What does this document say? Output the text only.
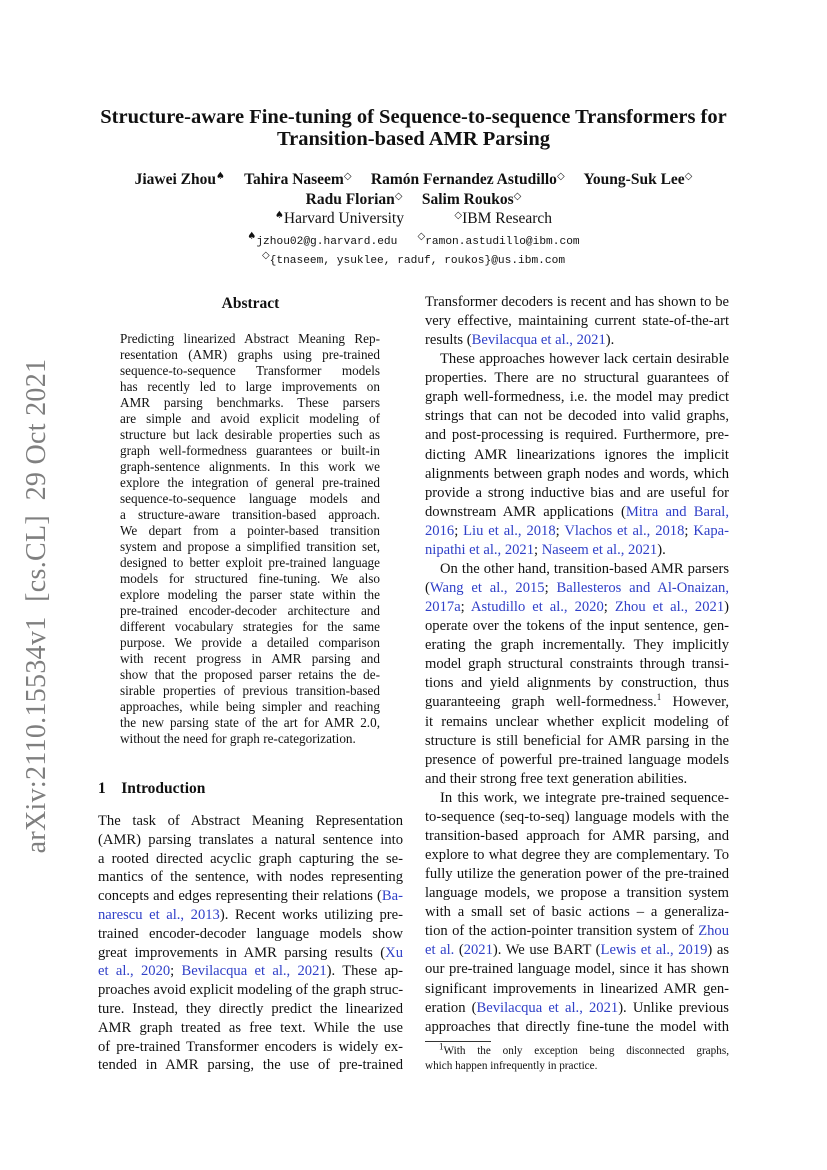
arXiv:2110.15534v1  [cs.CL]  29 Oct 2021
Structure-aware Fine-tuning of Sequence-to-sequence Transformers for
Transition-based AMR Parsing
Jiawei Zhou♠ Tahira Naseem◇ Ramón Fernandez Astudillo◇ Young-Suk Lee◇
Radu Florian◇ Salim Roukos◇
♠Harvard University	◇IBM Research
♠jzhou02@g.harvard.edu ◇ramon.astudillo@ibm.com
◇{tnaseem, ysuklee, raduf, roukos}@us.ibm.com
Abstract
Predicting linearized Abstract Meaning Rep-
resentation (AMR) graphs using pre-trained
sequence-to-sequence Transformer models
has recently led to large improvements on
AMR parsing benchmarks. These parsers
are simple and avoid explicit modeling of
structure but lack desirable properties such as
graph well-formedness guarantees or built-in
graph-sentence alignments. In this work we
explore the integration of general pre-trained
sequence-to-sequence language models and
a structure-aware transition-based approach.
We depart from a pointer-based transition
system and propose a simplified transition set,
designed to better exploit pre-trained language
models for structured fine-tuning. We also
explore modeling the parser state within the
pre-trained encoder-decoder architecture and
different vocabulary strategies for the same
purpose. We provide a detailed comparison
with recent progress in AMR parsing and
show that the proposed parser retains the de-
sirable properties of previous transition-based
approaches, while being simpler and reaching
the new parsing state of the art for AMR 2.0,
without the need for graph re-categorization.
1 Introduction
The task of Abstract Meaning Representation
(AMR) parsing translates a natural sentence into
a rooted directed acyclic graph capturing the se-
mantics of the sentence, with nodes representing
concepts and edges representing their relations (Ba-
narescu et al., 2013). Recent works utilizing pre-
trained encoder-decoder language models show
great improvements in AMR parsing results (Xu
et al., 2020; Bevilacqua et al., 2021). These ap-
proaches avoid explicit modeling of the graph struc-
ture. Instead, they directly predict the linearized
AMR graph treated as free text. While the use
of pre-trained Transformer encoders is widely ex-
tended in AMR parsing, the use of pre-trained
Transformer decoders is recent and has shown to be
very effective, maintaining current state-of-the-art
results (Bevilacqua et al., 2021).
These approaches however lack certain desirable
properties. There are no structural guarantees of
graph well-formedness, i.e. the model may predict
strings that can not be decoded into valid graphs,
and post-processing is required. Furthermore, pre-
dicting AMR linearizations ignores the implicit
alignments between graph nodes and words, which
provide a strong inductive bias and are useful for
downstream AMR applications (Mitra and Baral,
2016; Liu et al., 2018; Vlachos et al., 2018; Kapa-
nipathi et al., 2021; Naseem et al., 2021).
On the other hand, transition-based AMR parsers
(Wang et al., 2015; Ballesteros and Al-Onaizan,
2017a; Astudillo et al., 2020; Zhou et al., 2021)
operate over the tokens of the input sentence, gen-
erating the graph incrementally. They implicitly
model graph structural constraints through transi-
tions and yield alignments by construction, thus
guaranteeing graph well-formedness.$^1$ However,
it remains unclear whether explicit modeling of
structure is still beneficial for AMR parsing in the
presence of powerful pre-trained language models
and their strong free text generation abilities.
In this work, we integrate pre-trained sequence-
to-sequence (seq-to-seq) language models with the
transition-based approach for AMR parsing, and
explore to what degree they are complementary. To
fully utilize the generation power of the pre-trained
language models, we propose a transition system
with a small set of basic actions – a generaliza-
tion of the action-pointer transition system of Zhou
et al. (2021). We use BART (Lewis et al., 2019) as
our pre-trained language model, since it has shown
significant improvements in linearized AMR gen-
eration (Bevilacqua et al., 2021). Unlike previous
approaches that directly fine-tune the model with
$^1$With the only exception being disconnected graphs,
which happen infrequently in practice.
